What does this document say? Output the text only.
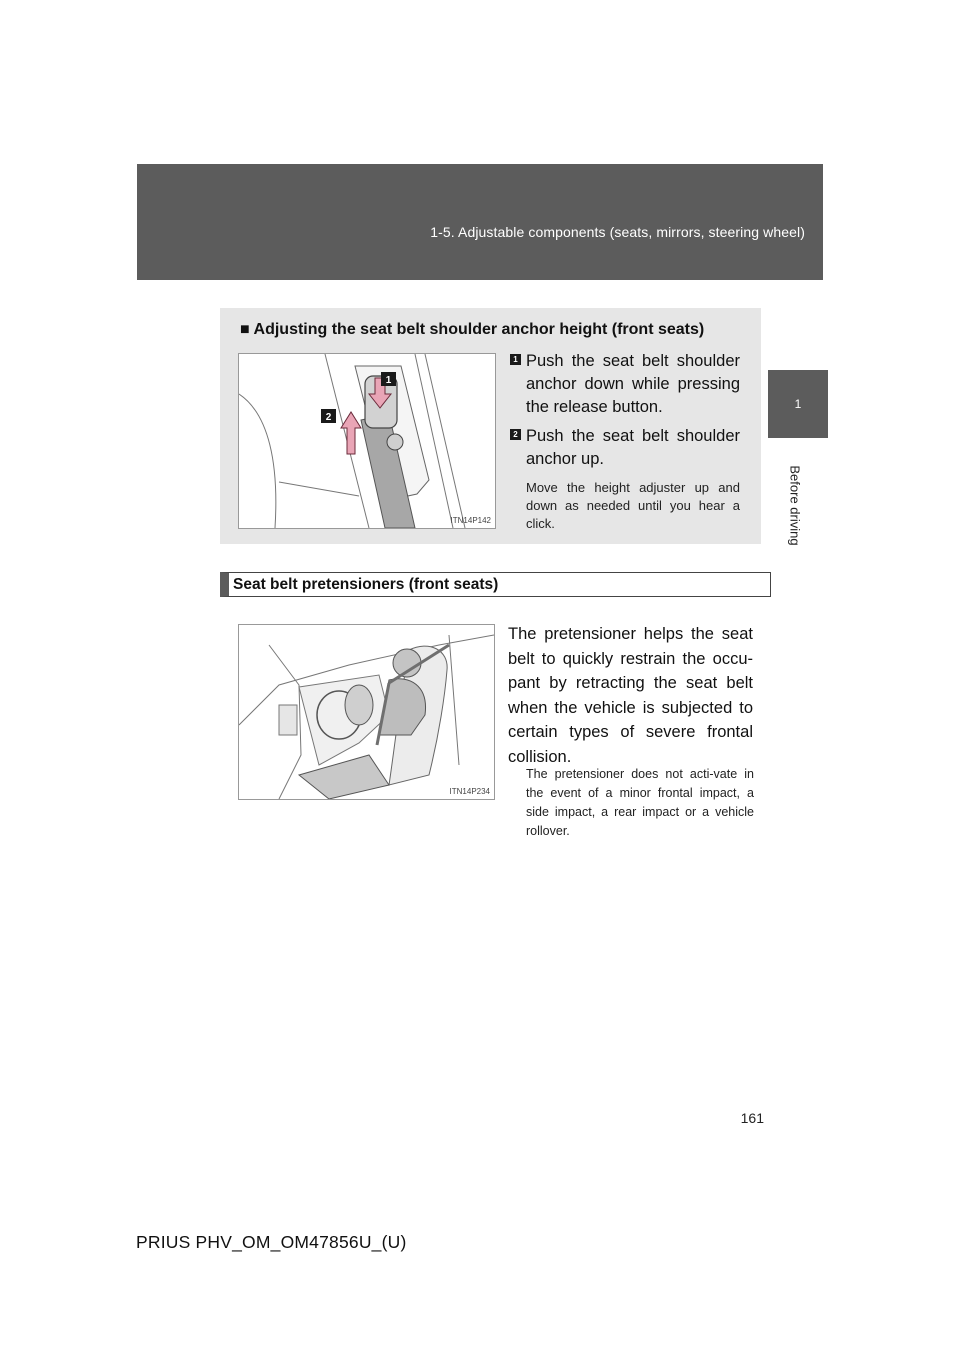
1-5. Adjustable components (seats, mirrors, steering wheel)
1
Before driving
■ Adjusting the seat belt shoulder anchor height (front seats)
1
2
ITN14P142
1 Push the seat belt shoulder anchor down while pressing the release button.
2 Push the seat belt shoulder anchor up.
Move the height adjuster up and down as needed until you hear a click.
Seat belt pretensioners (front seats)
ITN14P234
The pretensioner helps the seat belt to quickly restrain the occu-pant by retracting the seat belt when the vehicle is subjected to certain types of severe frontal collision.
The pretensioner does not acti-vate in the event of a minor frontal impact, a side impact, a rear impact or a vehicle rollover.
161
PRIUS PHV_OM_OM47856U_(U)
